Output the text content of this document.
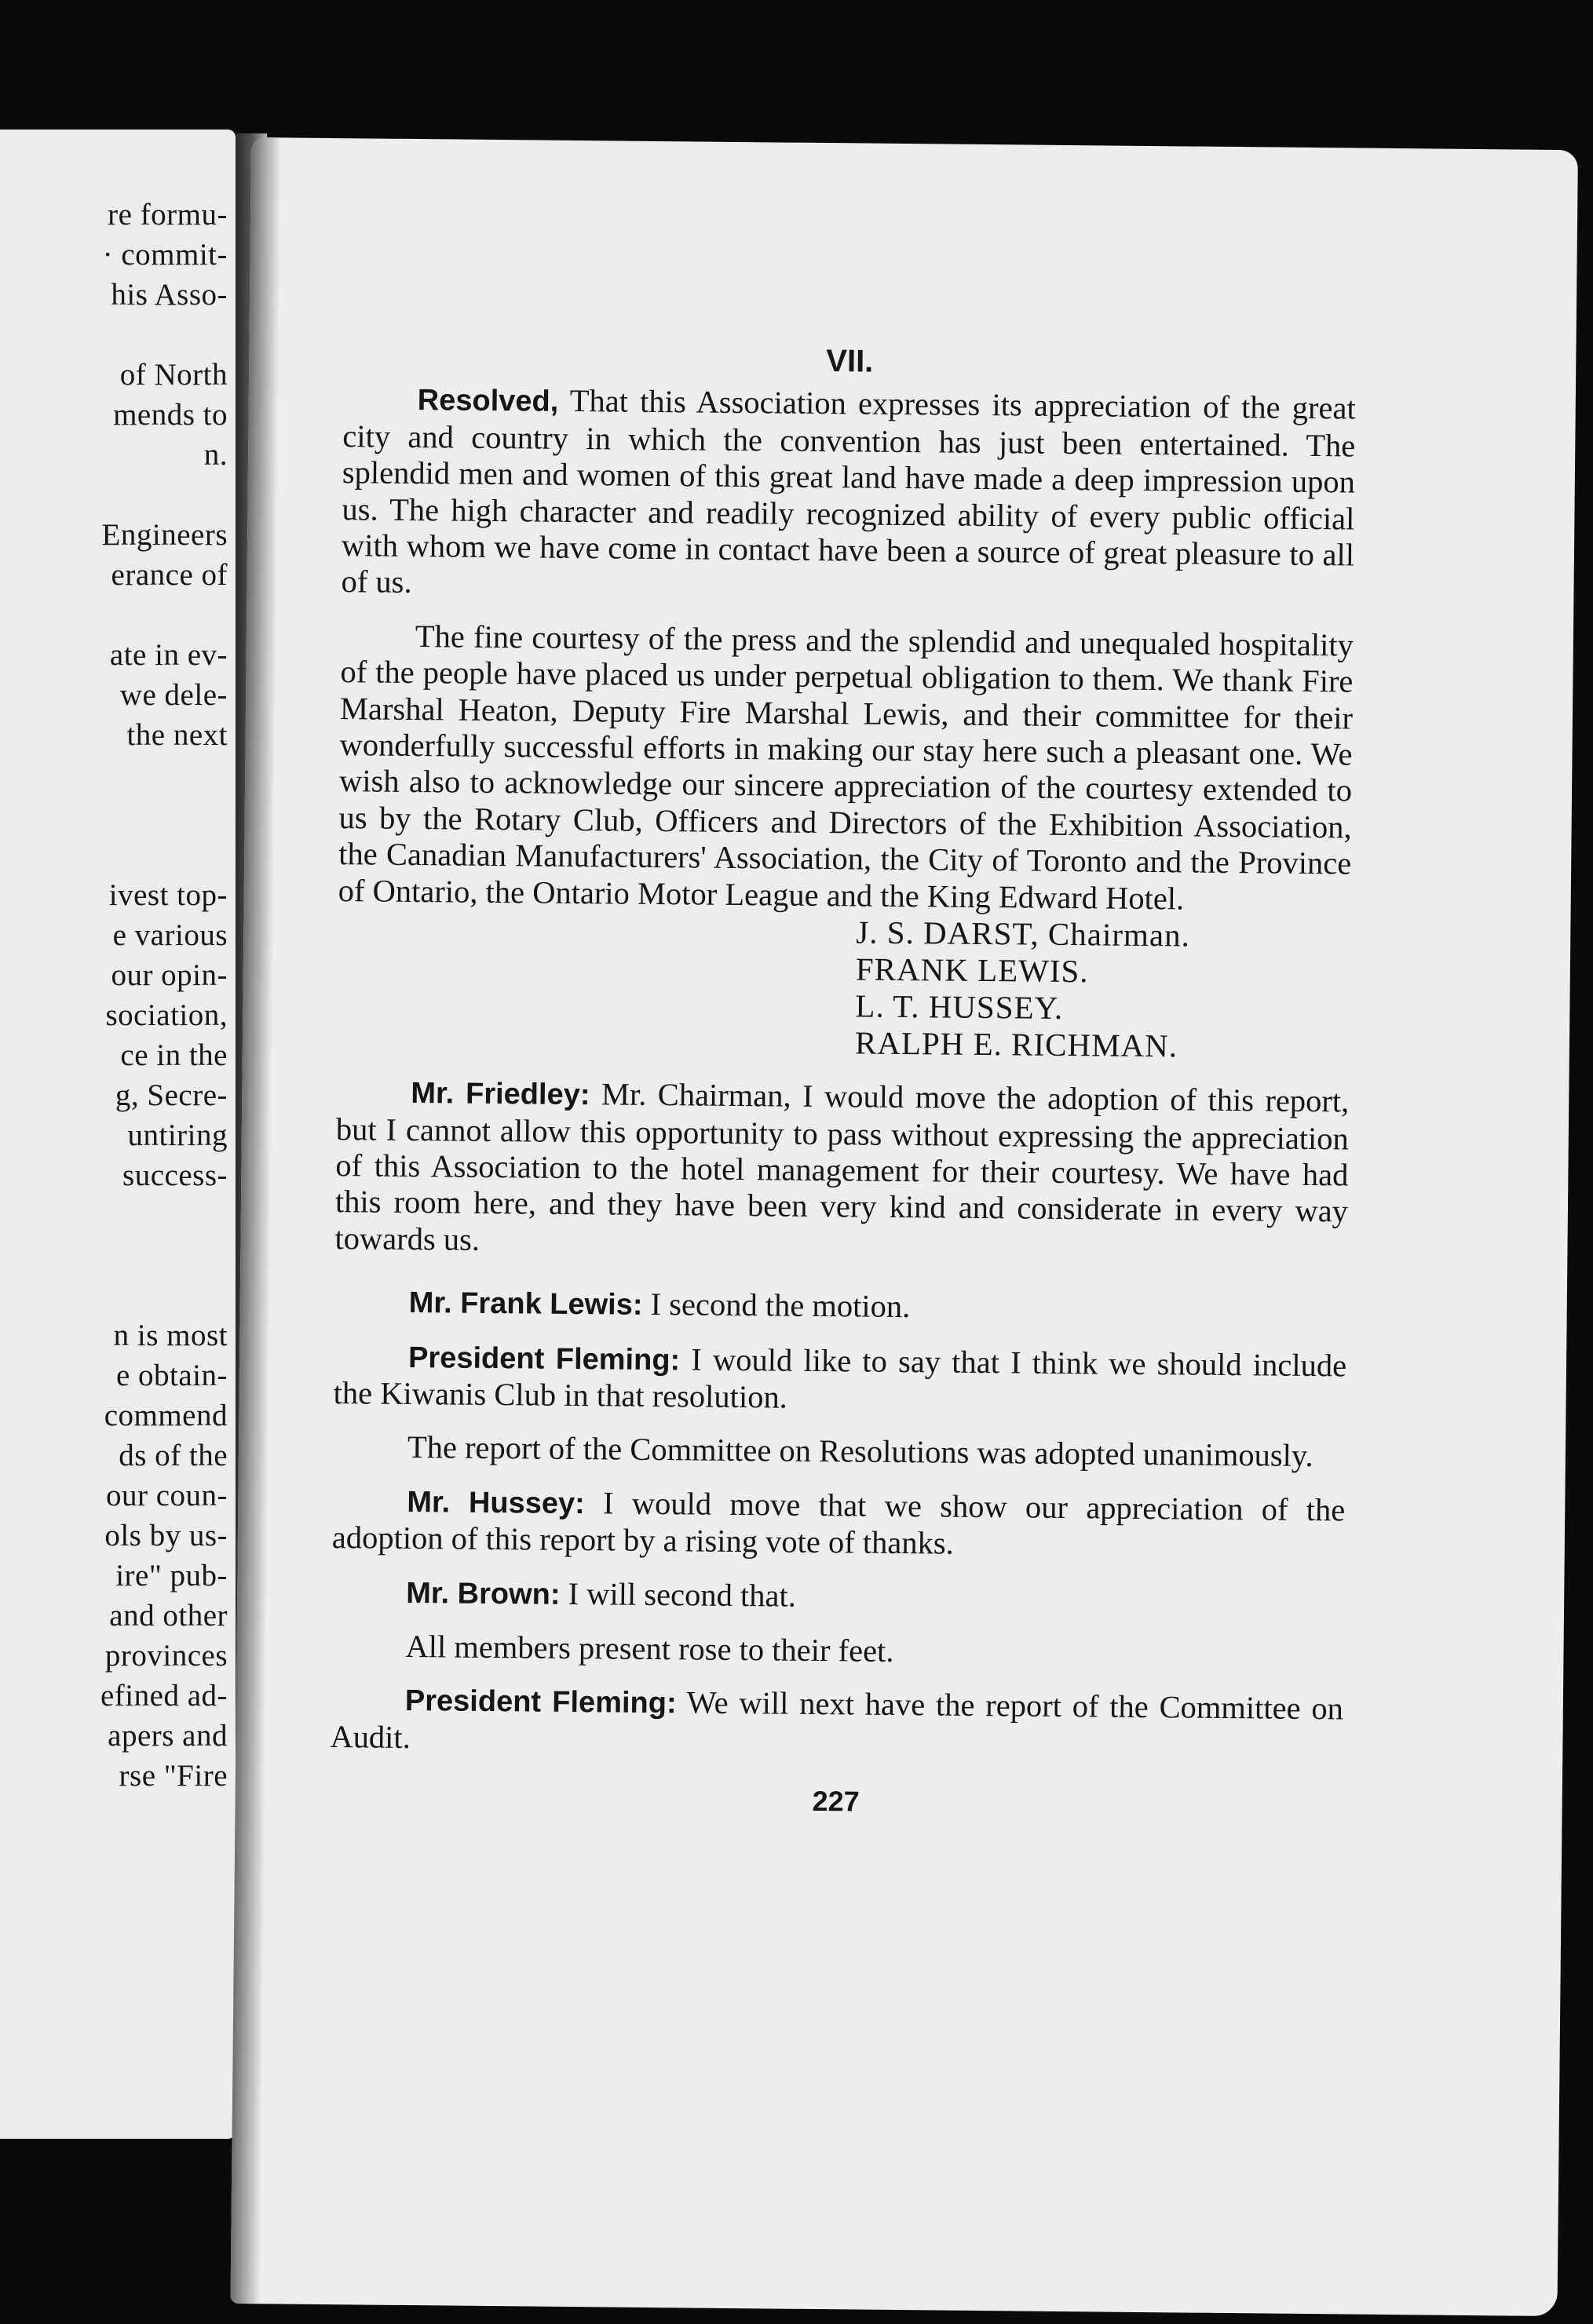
re formu-
· commit-
his Asso-
of North
mends to
n.
Engineers
erance of
ate in ev-
we dele-
the next
ivest top-
e various
our opin-
sociation,
ce in the
g, Secre-
untiring
success-
n is most
e obtain-
commend
ds of the
our coun-
ols by us-
ire" pub-
and other
provinces
efined ad-
apers and
rse "Fire
VII.

Resolved, That this Association expresses its appreciation of the great city and country in which the convention has just been entertained. The splendid men and women of this great land have made a deep impression upon us. The high character and readily recognized ability of every public official with whom we have come in contact have been a source of great pleasure to all of us.

The fine courtesy of the press and the splendid and unequaled hospitality of the people have placed us under perpetual obligation to them. We thank Fire Marshal Heaton, Deputy Fire Marshal Lewis, and their committee for their wonderfully successful efforts in making our stay here such a pleasant one. We wish also to acknowledge our sincere appreciation of the courtesy extended to us by the Rotary Club, Officers and Directors of the Exhibition Association, the Canadian Manufacturers' Association, the City of Toronto and the Province of Ontario, the Ontario Motor League and the King Edward Hotel.

J. S. DARST, Chairman.
FRANK LEWIS.
L. T. HUSSEY.
RALPH E. RICHMAN.

Mr. Friedley: Mr. Chairman, I would move the adoption of this report, but I cannot allow this opportunity to pass without expressing the appreciation of this Association to the hotel management for their courtesy. We have had this room here, and they have been very kind and considerate in every way towards us.

Mr. Frank Lewis: I second the motion.

President Fleming: I would like to say that I think we should include the Kiwanis Club in that resolution.

The report of the Committee on Resolutions was adopted unanimously.

Mr. Hussey: I would move that we show our appreciation of the adoption of this report by a rising vote of thanks.

Mr. Brown: I will second that.

All members present rose to their feet.

President Fleming: We will next have the report of the Committee on Audit.

227
